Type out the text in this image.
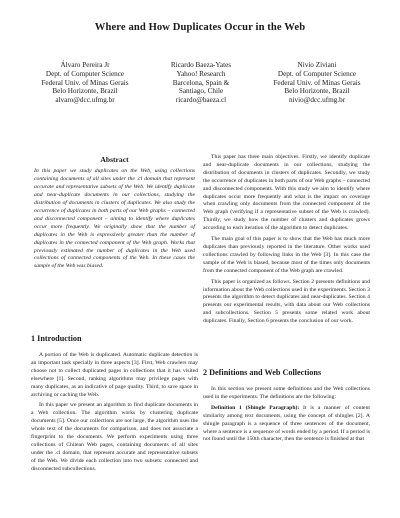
Where and How Duplicates Occur in the Web
Álvaro Pereira Jr
Dept. of Computer Science
Federal Univ. of Minas Gerais
Belo Horizonte, Brazil
alvaro@dcc.ufmg.br
Ricardo Baeza-Yates
Yahoo! Research
Barcelona, Spain &
Santiago, Chile
ricardo@baeza.cl
Nivio Ziviani
Dept. of Computer Science
Federal Univ. of Minas Gerais
Belo Horizonte, Brazil
nivio@dcc.ufmg.br
Abstract
In this paper we study duplicates on the Web, using collections containing documents of all sites under the .cl domain that represent accurate and representative subsets of the Web. We identify duplicate and near-duplicate documents in our collections, studying the distribution of documents in clusters of duplicates. We also study the occurrence of duplicates in both parts of our Web graphs – connected and disconnected component – aiming to identify where duplicates occur more frequently. We originally show that the number of duplicates in the Web is expressively greater than the number of duplicates in the connected component of the Web graph. Works that previously estimated the number of duplicates in the Web used collections of connected components of the Web. In these cases the sample of the Web was biased.
1 Introduction

A portion of the Web is duplicated. Automatic duplicate detection is an important task specially in three aspects [3]. First, Web crawlers may choose not to collect duplicated pages in collections that it has visited elsewhere [1]. Second, ranking algorithms may privilege pages with many duplicates, as an indicative of page quality. Third, to save space in archiving or caching the Web.

In this paper we present an algorithm to find duplicate documents in a Web collection. The algorithm works by clustering duplicate documents [5]. Once our collections are not large, the algorithm uses the whole text of the documents for comparison, and does not associate a fingerprint to the documents. We perform experiments using three collections of Chilean Web pages, containing documents of all sites under the .cl domain, that represent accurate and representative subsets of the Web. We divide each collection into two subsets: connected and disconnected subcollections.

This paper has three main objectives. Firstly, we identify duplicate and near-duplicate documents in our collections, studying the distribution of documents in clusters of duplicates. Secondly, we study the occurrence of duplicates in both parts of our Web graphs – connected and disconnected components. With this study we aim to identify where duplicates occur more frequently and what is the impact on coverage when crawling only documents from the connected component of the Web graph (verifying if a representative subset of the Web is crawled). Thirdly, we study how the number of clusters and duplicates grows according to each iteration of the algorithm to detect duplicates.

The main goal of this paper is to show that the Web has much more duplicates than previously reported in the literature. Other works used collections crawled by following links in the Web [3]. In this case the sample of the Web is biased, because most of the times only documents from the connected component of the Web graph are crawled.

This paper is organized as follows. Section 2 presents definitions and information about the Web collections used in the experiments. Section 3 presents the algorithm to detect duplicates and near-duplicates. Section 4 presents our experimental results, with data about our Web collections and subcollections. Section 5 presents some related work about duplicates. Finally, Section 6 presents the conclusion of our work.

2 Definitions and Web Collections

In this section we present some definitions and the Web collections used in the experiments. The definitions are the following:

Definition 1 (Shingle Paragraph): It is a manner of content similarity among text documents, using the concept of shingles [2]. A shingle paragraph is a sequence of three sentences of the document, where a sentence is a sequence of words ended by a period. If a period is not found until the 150th character, then the sentence is finished at that
